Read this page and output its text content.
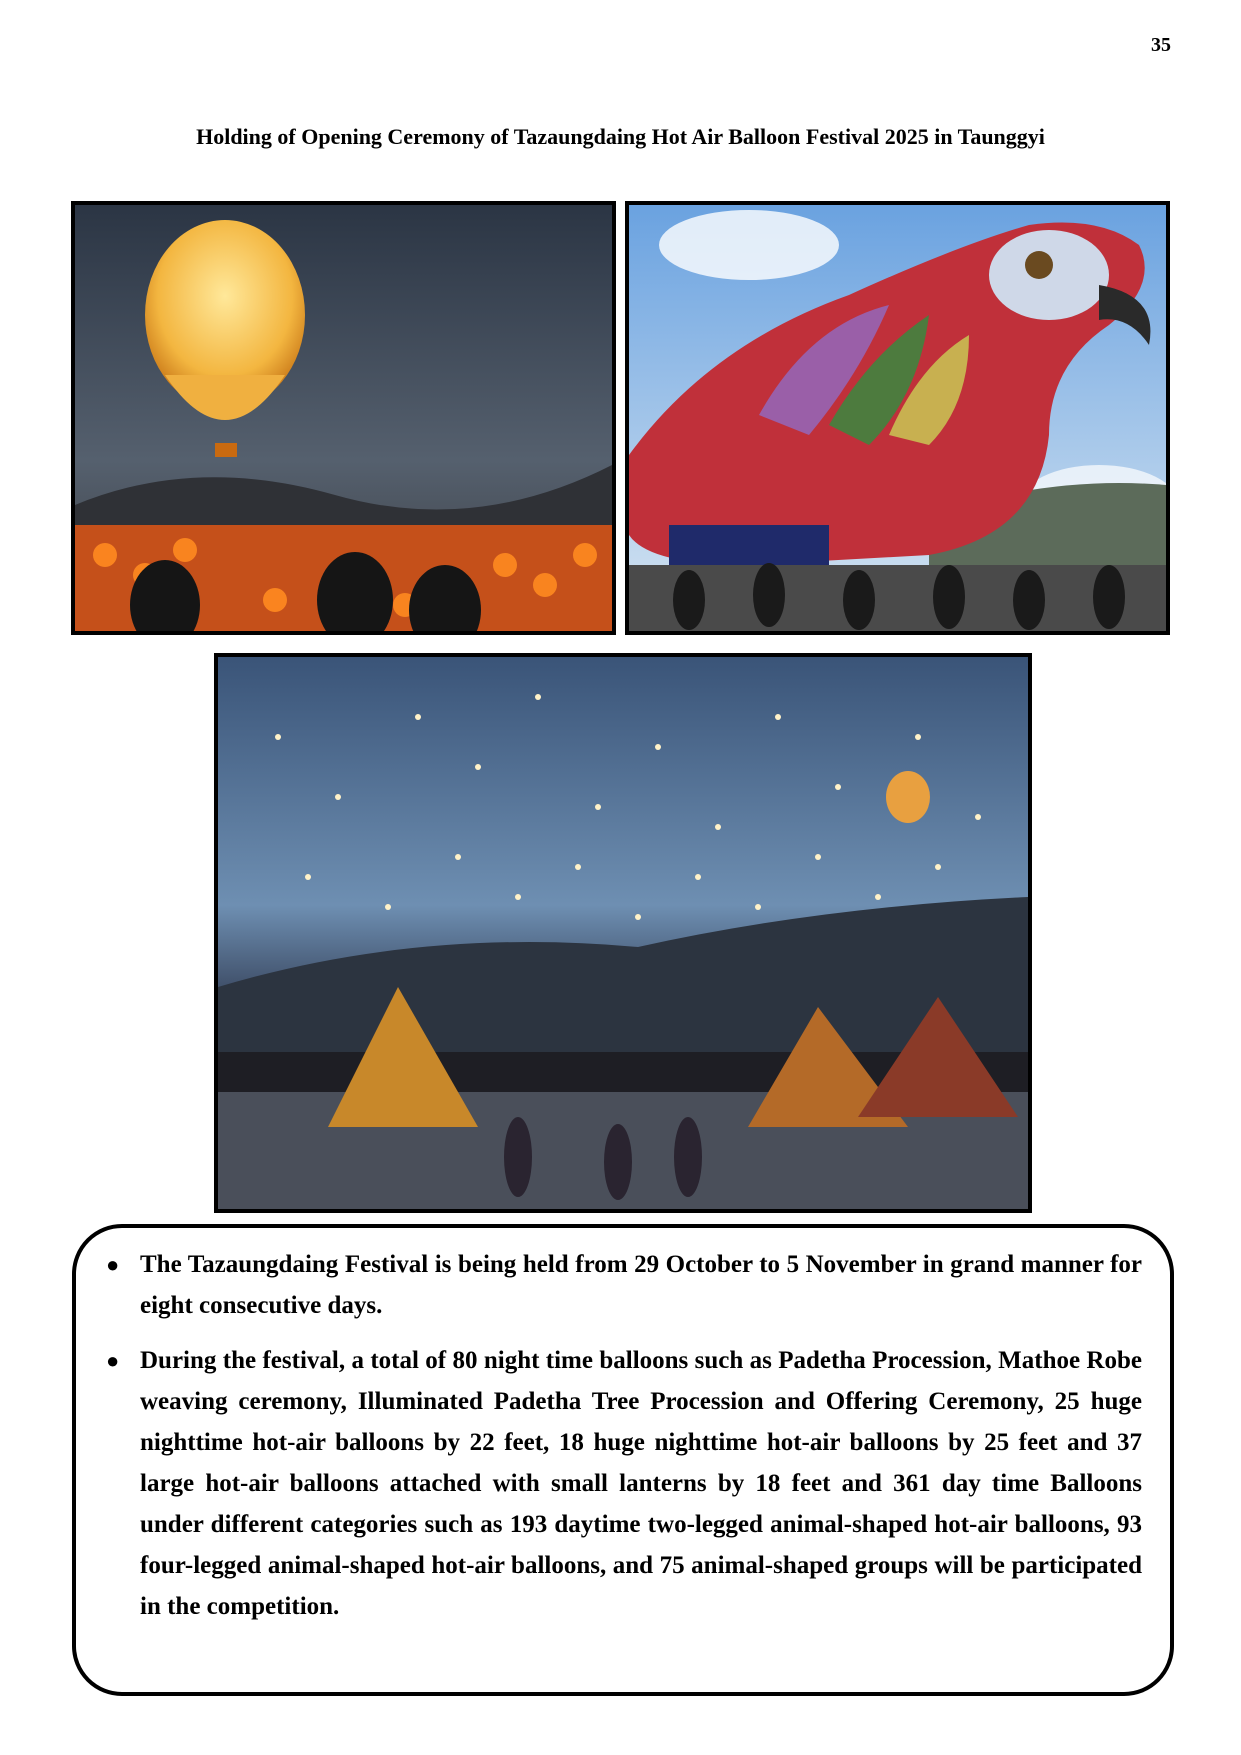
35
Holding of Opening Ceremony of Tazaungdaing Hot Air Balloon Festival 2025 in Taunggyi
● The Tazaungdaing Festival is being held from 29 October to 5 November in grand manner for eight consecutive days.
● During the festival, a total of 80 night time balloons such as Padetha Procession, Mathoe Robe weaving ceremony, Illuminated Padetha Tree Procession and Offering Ceremony, 25 huge nighttime hot-air balloons by 22 feet, 18 huge nighttime hot-air balloons by 25 feet and 37 large hot-air balloons attached with small lanterns by 18 feet and 361 day time Balloons under different categories such as 193 daytime two-legged animal-shaped hot-air balloons, 93 four-legged animal-shaped hot-air balloons, and 75 animal-shaped groups will be participated in the competition.
